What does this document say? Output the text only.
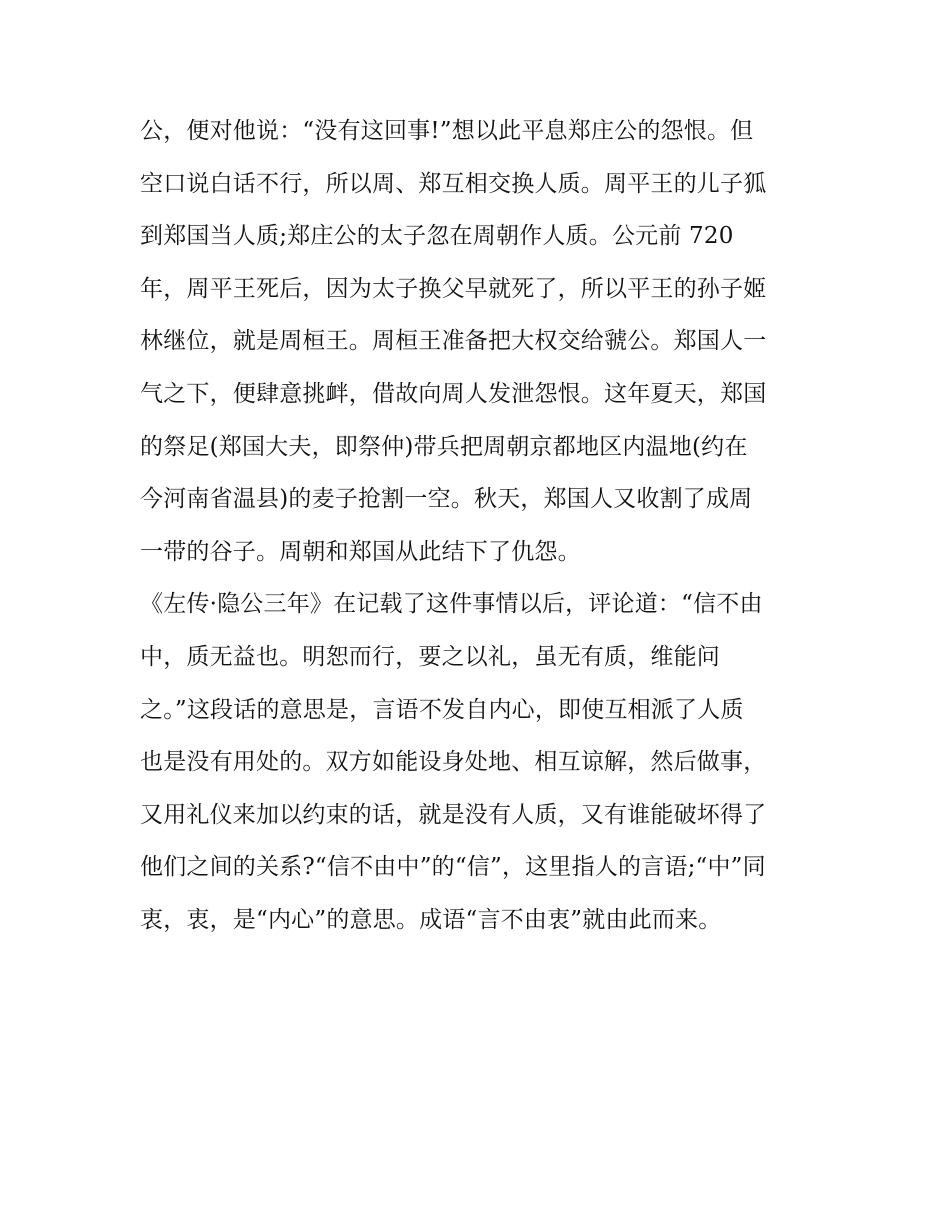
公，便对他说：“没有这回事!”想以此平息郑庄公的怨恨。但
空口说白话不行，所以周、郑互相交换人质。周平王的儿子狐
到郑国当人质;郑庄公的太子忽在周朝作人质。公元前 720
年，周平王死后，因为太子换父早就死了，所以平王的孙子姬
林继位，就是周桓王。周桓王准备把大权交给虢公。郑国人一
气之下，便肆意挑衅，借故向周人发泄怨恨。这年夏天，郑国
的祭足(郑国大夫，即祭仲)带兵把周朝京都地区内温地(约在
今河南省温县)的麦子抢割一空。秋天，郑国人又收割了成周
一带的谷子。周朝和郑国从此结下了仇怨。
《左传·隐公三年》在记载了这件事情以后，评论道：“信不由
中，质无益也。明恕而行，要之以礼，虽无有质，维能问
之。”这段话的意思是，言语不发自内心，即使互相派了人质
也是没有用处的。双方如能设身处地、相互谅解，然后做事，
又用礼仪来加以约束的话，就是没有人质，又有谁能破坏得了
他们之间的关系?“信不由中”的“信”，这里指人的言语;“中”同
衷，衷，是“内心”的意思。成语“言不由衷”就由此而来。
